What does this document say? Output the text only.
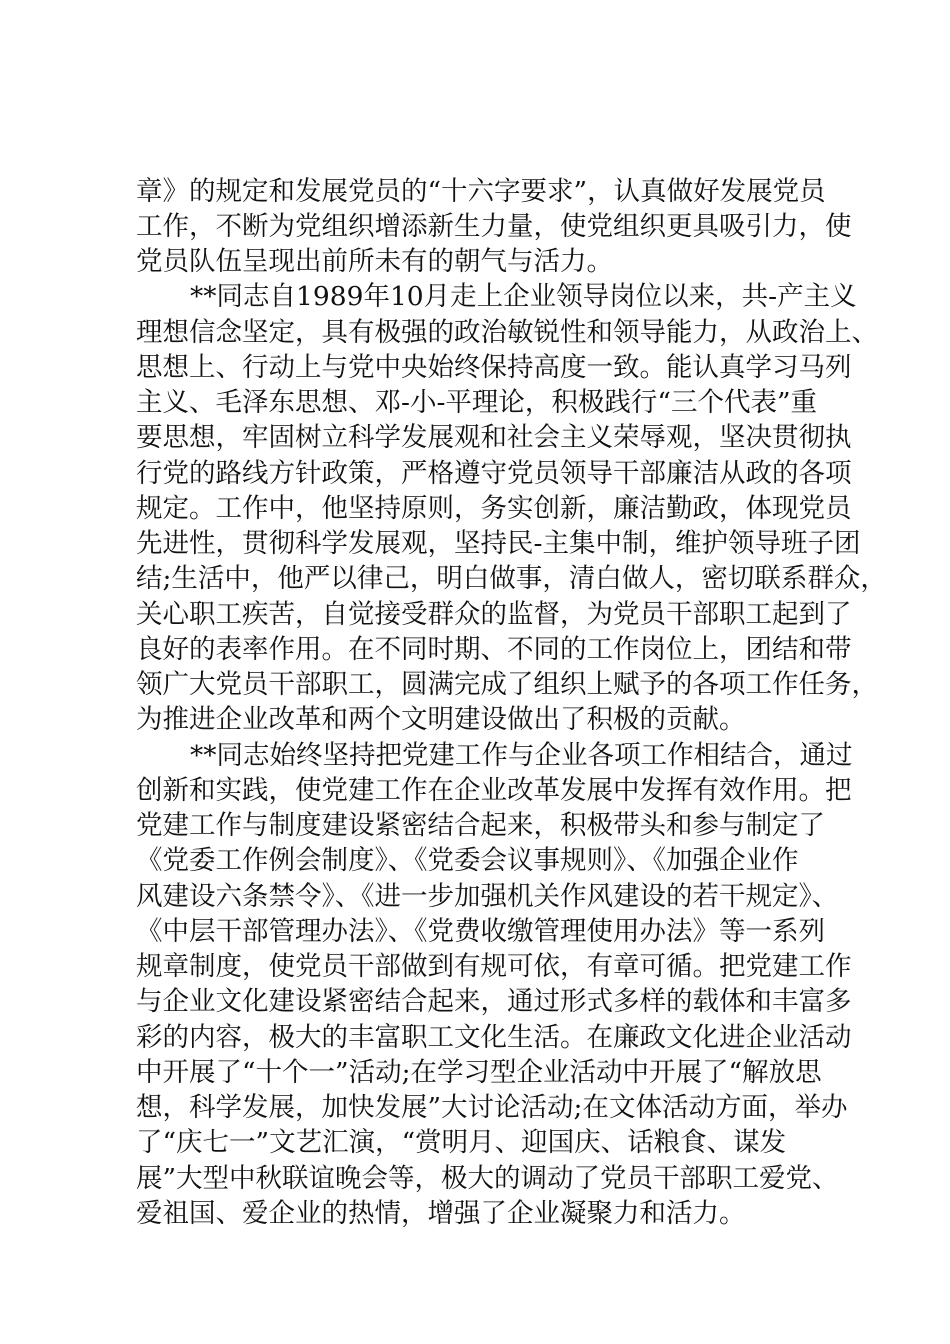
章》的规定和发展党员的“十六字要求”，认真做好发展党员
工作，不断为党组织增添新生力量，使党组织更具吸引力，使
党员队伍呈现出前所未有的朝气与活力。
**同志自1989年10月走上企业领导岗位以来，共-产主义
理想信念坚定，具有极强的政治敏锐性和领导能力，从政治上、
思想上、行动上与党中央始终保持高度一致。能认真学习马列
主义、毛泽东思想、邓-小-平理论，积极践行“三个代表”重
要思想，牢固树立科学发展观和社会主义荣辱观，坚决贯彻执
行党的路线方针政策，严格遵守党员领导干部廉洁从政的各项
规定。工作中，他坚持原则，务实创新，廉洁勤政，体现党员
先进性，贯彻科学发展观，坚持民-主集中制，维护领导班子团
结;生活中，他严以律己，明白做事，清白做人，密切联系群众，
关心职工疾苦，自觉接受群众的监督，为党员干部职工起到了
良好的表率作用。在不同时期、不同的工作岗位上，团结和带
领广大党员干部职工，圆满完成了组织上赋予的各项工作任务，
为推进企业改革和两个文明建设做出了积极的贡献。
**同志始终坚持把党建工作与企业各项工作相结合，通过
创新和实践，使党建工作在企业改革发展中发挥有效作用。把
党建工作与制度建设紧密结合起来，积极带头和参与制定了
《党委工作例会制度》、《党委会议事规则》、《加强企业作
风建设六条禁令》、《进一步加强机关作风建设的若干规定》、
《中层干部管理办法》、《党费收缴管理使用办法》等一系列
规章制度，使党员干部做到有规可依，有章可循。把党建工作
与企业文化建设紧密结合起来，通过形式多样的载体和丰富多
彩的内容，极大的丰富职工文化生活。在廉政文化进企业活动
中开展了“十个一”活动;在学习型企业活动中开展了“解放思
想，科学发展，加快发展”大讨论活动;在文体活动方面，举办
了“庆七一”文艺汇演，“赏明月、迎国庆、话粮食、谋发
展”大型中秋联谊晚会等，极大的调动了党员干部职工爱党、
爱祖国、爱企业的热情，增强了企业凝聚力和活力。
